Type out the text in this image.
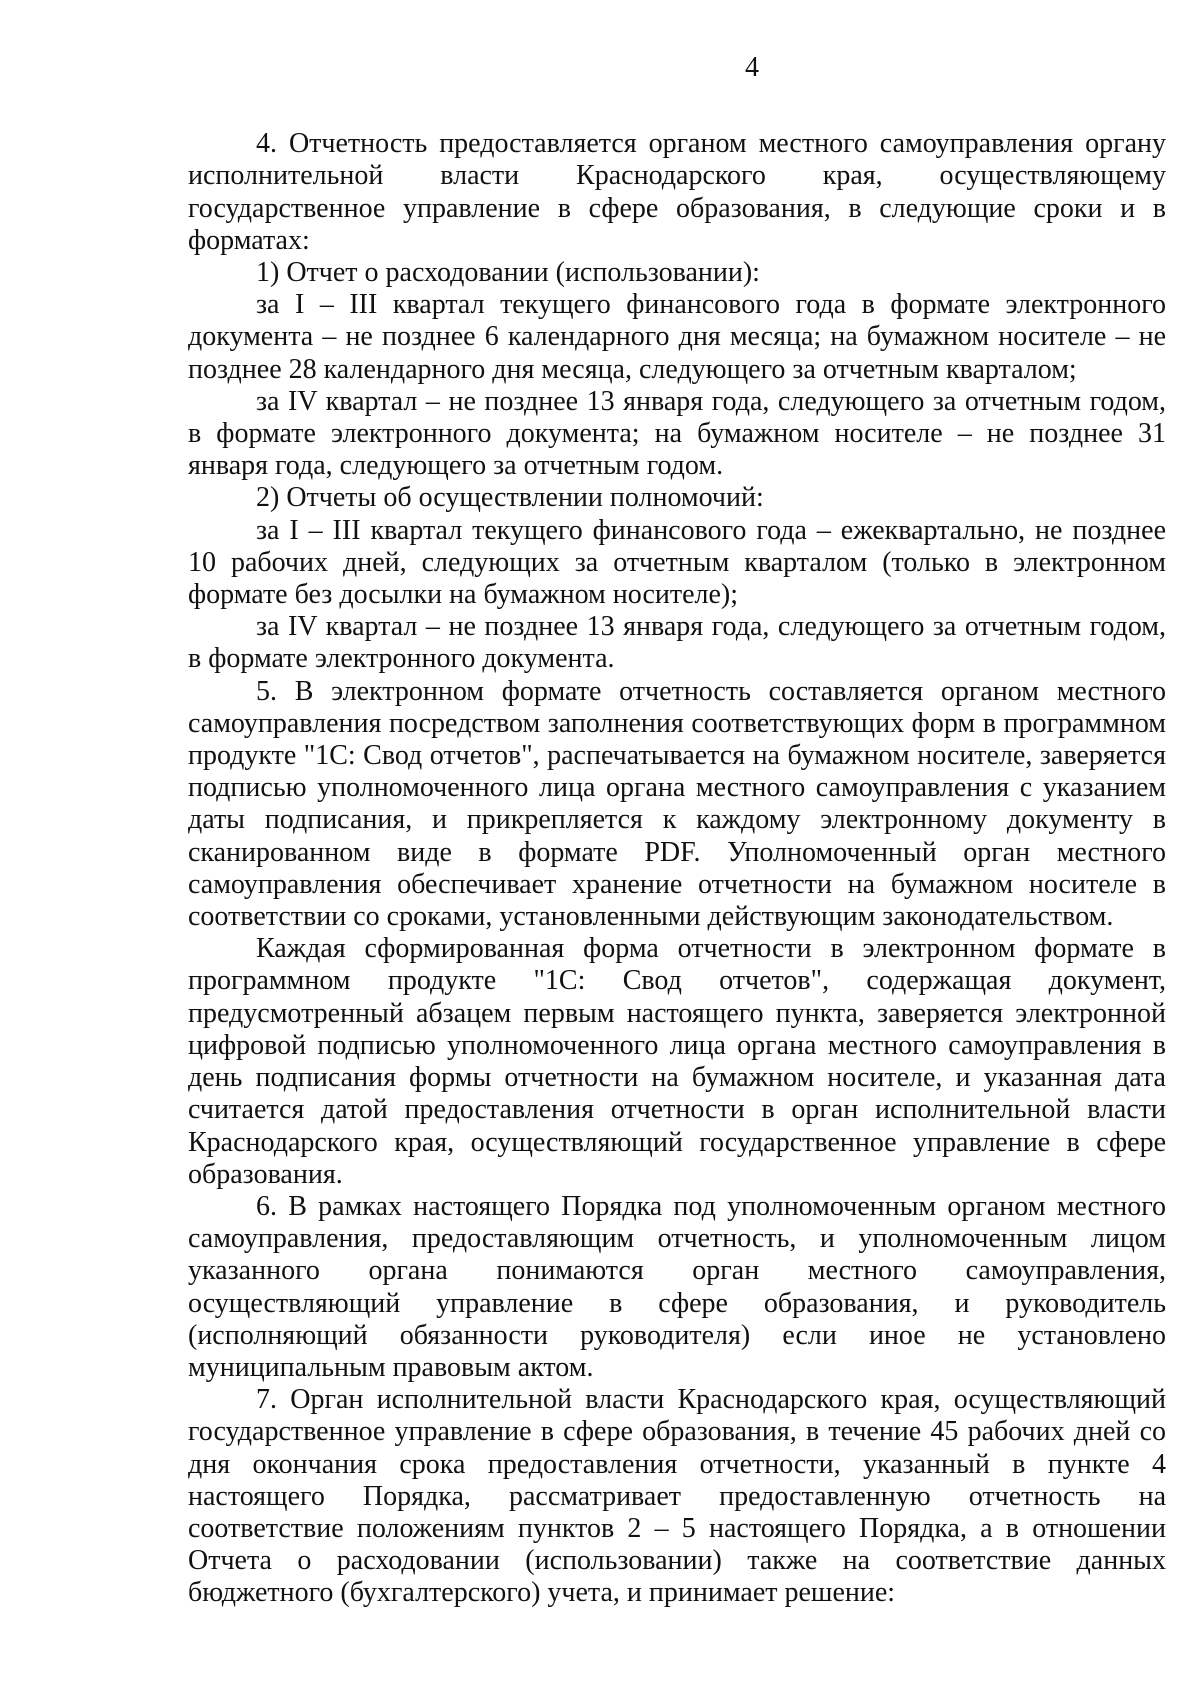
4

4. Отчетность предоставляется органом местного самоуправления органу исполнительной власти Краснодарского края, осуществляющему государственное управление в сфере образования, в следующие сроки и в форматах:

1) Отчет о расходовании (использовании):

за I – III квартал текущего финансового года в формате электронного документа – не позднее 6 календарного дня месяца; на бумажном носителе – не позднее 28 календарного дня месяца, следующего за отчетным кварталом;

за IV квартал – не позднее 13 января года, следующего за отчетным годом, в формате электронного документа; на бумажном носителе – не позднее 31 января года, следующего за отчетным годом.

2) Отчеты об осуществлении полномочий:

за I – III квартал текущего финансового года – ежеквартально, не позднее 10 рабочих дней, следующих за отчетным кварталом (только в электронном формате без досылки на бумажном носителе);

за IV квартал – не позднее 13 января года, следующего за отчетным годом, в формате электронного документа.

5. В электронном формате отчетность составляется органом местного самоуправления посредством заполнения соответствующих форм в программном продукте "1С: Свод отчетов", распечатывается на бумажном носителе, заверяется подписью уполномоченного лица органа местного самоуправления с указанием даты подписания, и прикрепляется к каждому электронному документу в сканированном виде в формате PDF. Уполномоченный орган местного самоуправления обеспечивает хранение отчетности на бумажном носителе в соответствии со сроками, установленными действующим законодательством.

Каждая сформированная форма отчетности в электронном формате в программном продукте "1С: Свод отчетов", содержащая документ, предусмотренный абзацем первым настоящего пункта, заверяется электронной цифровой подписью уполномоченного лица органа местного самоуправления в день подписания формы отчетности на бумажном носителе, и указанная дата считается датой предоставления отчетности в орган исполнительной власти Краснодарского края, осуществляющий государственное управление в сфере образования.

6. В рамках настоящего Порядка под уполномоченным органом местного самоуправления, предоставляющим отчетность, и уполномоченным лицом указанного органа понимаются орган местного самоуправления, осуществляющий управление в сфере образования, и руководитель (исполняющий обязанности руководителя) если иное не установлено муниципальным правовым актом.

7. Орган исполнительной власти Краснодарского края, осуществляющий государственное управление в сфере образования, в течение 45 рабочих дней со дня окончания срока предоставления отчетности, указанный в пункте 4 настоящего Порядка, рассматривает предоставленную отчетность на соответствие положениям пунктов 2 – 5 настоящего Порядка, а в отношении Отчета о расходовании (использовании) также на соответствие данных бюджетного (бухгалтерского) учета, и принимает решение:
